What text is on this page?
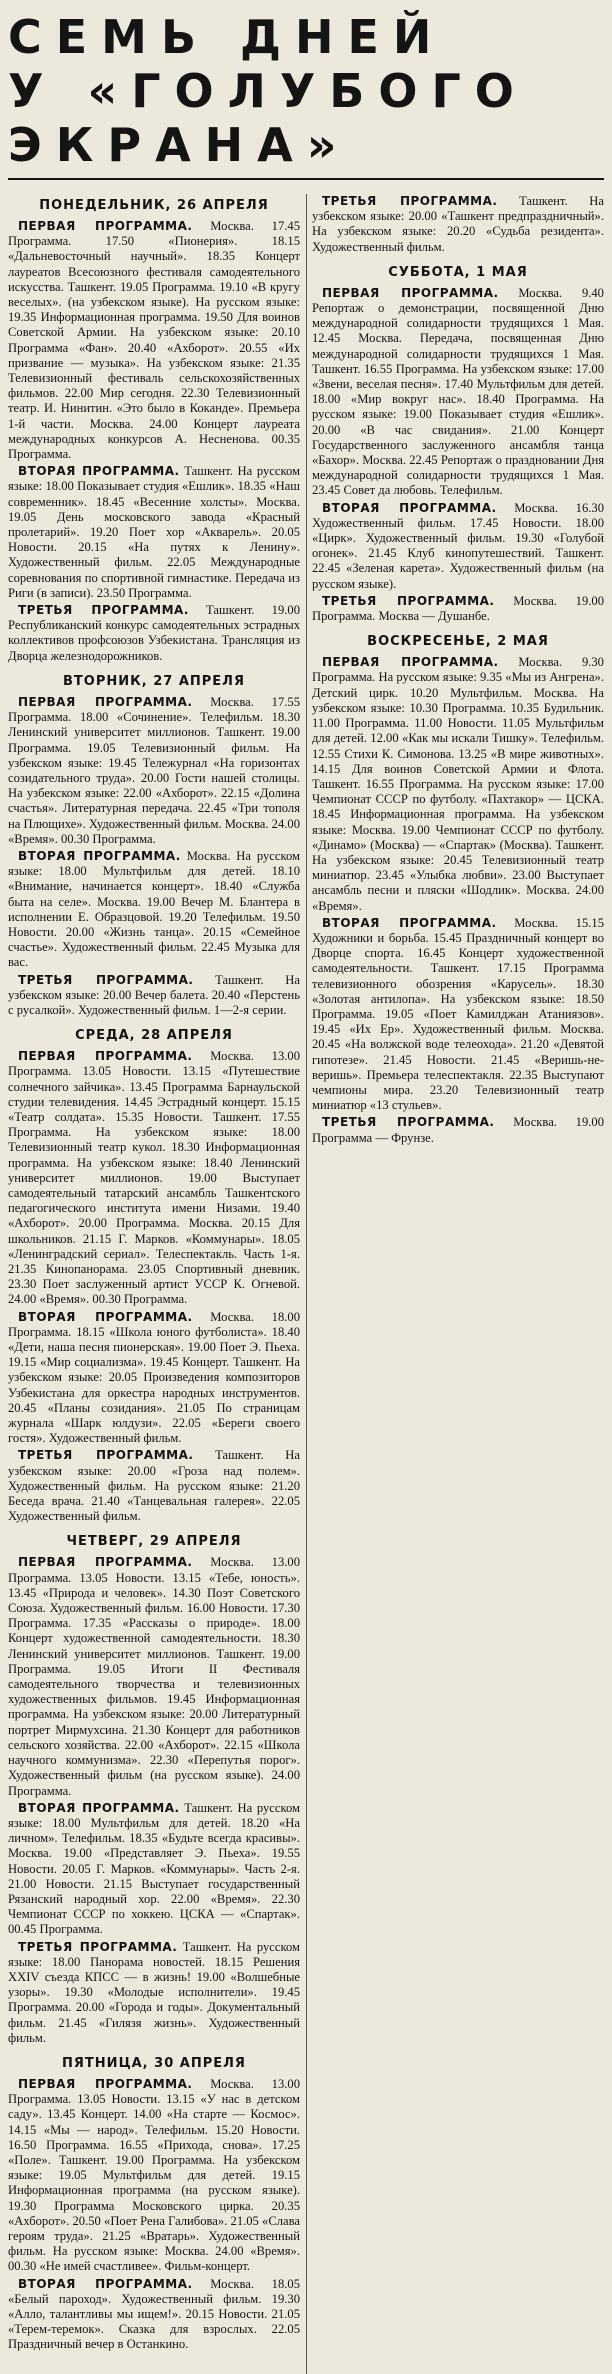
СЕМЬ ДНЕЙ
У «ГОЛУБОГО
ЭКРАНА»
ПОНЕДЕЛЬНИК, 26 АПРЕЛЯ

ПЕРВАЯ ПРОГРАММА. Москва. 17.45 Программа. 17.50 «Пионерия». 18.15 «Дальневосточный научный». 18.35 Концерт лауреатов Всесоюзного фестиваля самодеятельного искусства. Ташкент. 19.05 Программа. 19.10 «В кругу веселых». (на узбекском языке). На русском языке: 19.35 Информационная программа. 19.50 Для воинов Советской Армии. На узбекском языке: 20.10 Программа «Фан». 20.40 «Ахборот». 20.55 «Их призвание — музыка». На узбекском языке: 21.35 Телевизионный фестиваль сельскохозяйственных фильмов. 22.00 Мир сегодня. 22.30 Телевизионный театр. И. Нинитин. «Это было в Коканде». Премьера 1-й части. Москва. 24.00 Концерт лауреата международных конкурсов А. Несненова. 00.35 Программа.

ВТОРАЯ ПРОГРАММА. Ташкент. На русском языке: 18.00 Показывает студия «Ешлик». 18.35 «Наш современник». 18.45 «Весенние холсты». Москва. 19.05 День московского завода «Красный пролетарий». 19.20 Поет хор «Акварель». 20.05 Новости. 20.15 «На путях к Ленину». Художественный фильм. 22.05 Международные соревнования по спортивной гимнастике. Передача из Риги (в записи). 23.50 Программа.

ТРЕТЬЯ ПРОГРАММА. Ташкент. 19.00 Республиканский конкурс самодеятельных эстрадных коллективов профсоюзов Узбекистана. Трансляция из Дворца железнодорожников.

ВТОРНИК, 27 АПРЕЛЯ

ПЕРВАЯ ПРОГРАММА. Москва. 17.55 Программа. 18.00 «Сочинение». Телефильм. 18.30 Ленинский университет миллионов. Ташкент. 19.00 Программа. 19.05 Телевизионный фильм. На узбекском языке: 19.45 Тележурнал «На горизонтах созидательного труда». 20.00 Гости нашей столицы. На узбекском языке: 22.00 «Ахборот». 22.15 «Долина счастья». Литературная передача. 22.45 «Три тополя на Плющихе». Художественный фильм. Москва. 24.00 «Время». 00.30 Программа.

ВТОРАЯ ПРОГРАММА. Москва. На русском языке: 18.00 Мультфильм для детей. 18.10 «Внимание, начинается концерт». 18.40 «Служба быта на селе». Москва. 19.00 Вечер М. Блантера в исполнении Е. Образцовой. 19.20 Телефильм. 19.50 Новости. 20.00 «Жизнь танца». 20.15 «Семейное счастье». Художественный фильм. 22.45 Музыка для вас.

ТРЕТЬЯ ПРОГРАММА. Ташкент. На узбекском языке: 20.00 Вечер балета. 20.40 «Перстень с русалкой». Художественный фильм. 1—2-я серии.

СРЕДА, 28 АПРЕЛЯ

ПЕРВАЯ ПРОГРАММА. Москва. 13.00 Программа. 13.05 Новости. 13.15 «Путешествие солнечного зайчика». 13.45 Программа Барнаульской студии телевидения. 14.45 Эстрадный концерт. 15.15 «Театр солдата». 15.35 Новости. Ташкент. 17.55 Программа. На узбекском языке: 18.00 Телевизионный театр кукол. 18.30 Информационная программа. На узбекском языке: 18.40 Ленинский университет миллионов. 19.00 Выступает самодеятельный татарский ансамбль Ташкентского педагогического института имени Низами. 19.40 «Ахборот». 20.00 Программа. Москва. 20.15 Для школьников. 21.15 Г. Марков. «Коммунары». 18.05 «Ленинградский сериал». Телеспектакль. Часть 1-я. 21.35 Кинопанорама. 23.05 Спортивный дневник. 23.30 Поет заслуженный артист УССР К. Огневой. 24.00 «Время». 00.30 Программа.

ВТОРАЯ ПРОГРАММА. Москва. 18.00 Программа. 18.15 «Школа юного футболиста». 18.40 «Дети, наша песня пионерская». 19.00 Поет Э. Пьеха. 19.15 «Мир социализма». 19.45 Концерт. Ташкент. На узбекском языке: 20.05 Произведения композиторов Узбекистана для оркестра народных инструментов. 20.45 «Планы созидания». 21.05 По страницам журнала «Шарк юлдузи». 22.05 «Береги своего гостя». Художественный фильм.

ТРЕТЬЯ ПРОГРАММА. Ташкент. На узбекском языке: 20.00 «Гроза над полем». Художественный фильм. На русском языке: 21.20 Беседа врача. 21.40 «Танцевальная галерея». 22.05 Художественный фильм.

ЧЕТВЕРГ, 29 АПРЕЛЯ

ПЕРВАЯ ПРОГРАММА. Москва. 13.00 Программа. 13.05 Новости. 13.15 «Тебе, юность». 13.45 «Природа и человек». 14.30 Поэт Советского Союза. Художественный фильм. 16.00 Новости. 17.30 Программа. 17.35 «Рассказы о природе». 18.00 Концерт художественной самодеятельности. 18.30 Ленинский университет миллионов. Ташкент. 19.00 Программа. 19.05 Итоги II Фестиваля самодеятельного творчества и телевизионных художественных фильмов. 19.45 Информационная программа. На узбекском языке: 20.00 Литературный портрет Мирмухсина. 21.30 Концерт для работников сельского хозяйства. 22.00 «Ахборот». 22.15 «Школа научного коммунизма». 22.30 «Перепутья порог». Художественный фильм (на русском языке). 24.00 Программа.

ВТОРАЯ ПРОГРАММА. Ташкент. На русском языке: 18.00 Мультфильм для детей. 18.20 «На личном». Телефильм. 18.35 «Будьте всегда красивы». Москва. 19.00 «Представляет Э. Пьеха». 19.55 Новости. 20.05 Г. Марков. «Коммунары». Часть 2-я. 21.00 Новости. 21.15 Выступает государственный Рязанский народный хор. 22.00 «Время». 22.30 Чемпионат СССР по хоккею. ЦСКА — «Спартак». 00.45 Программа.

ТРЕТЬЯ ПРОГРАММА. Ташкент. На русском языке: 18.00 Панорама новостей. 18.15 Решения XXIV съезда КПСС — в жизнь! 19.00 «Волшебные узоры». 19.30 «Молодые исполнители». 19.45 Программа. 20.00 «Города и годы». Документальный фильм. 21.45 «Гилязя жизнь». Художественный фильм.

ПЯТНИЦА, 30 АПРЕЛЯ

ПЕРВАЯ ПРОГРАММА. Москва. 13.00 Программа. 13.05 Новости. 13.15 «У нас в детском саду». 13.45 Концерт. 14.00 «На старте — Космос». 14.15 «Мы — народ». Телефильм. 15.20 Новости. 16.50 Программа. 16.55 «Прихода, снова». 17.25 «Поле». Ташкент. 19.00 Программа. На узбекском языке: 19.05 Мультфильм для детей. 19.15 Информационная программа (на русском языке). 19.30 Программа Московского цирка. 20.35 «Ахборот». 20.50 «Поет Рена Галибова». 21.05 «Слава героям труда». 21.25 «Вратарь». Художественный фильм. На русском языке: Москва. 24.00 «Время». 00.30 «Не имей счастливее». Фильм-концерт.

ВТОРАЯ ПРОГРАММА. Москва. 18.05 «Белый пароход». Художественный фильм. 19.30 «Алло, талантливы мы ищем!». 20.15 Новости. 21.05 «Терем-теремок». Сказка для взрослых. 22.05 Праздничный вечер в Останкино.

ТРЕТЬЯ ПРОГРАММА. Ташкент. На узбекском языке: 20.00 «Ташкент предпраздничный». На узбекском языке: 20.20 «Судьба резидента». Художественный фильм.

СУББОТА, 1 МАЯ

ПЕРВАЯ ПРОГРАММА. Москва. 9.40 Репортаж о демонстрации, посвященной Дню международной солидарности трудящихся 1 Мая. 12.45 Москва. Передача, посвященная Дню международной солидарности трудящихся 1 Мая. Ташкент. 16.55 Программа. На узбекском языке: 17.00 «Звени, веселая песня». 17.40 Мультфильм для детей. 18.00 «Мир вокруг нас». 18.40 Программа. На русском языке: 19.00 Показывает студия «Ешлик». 20.00 «В час свидания». 21.00 Концерт Государственного заслуженного ансамбля танца «Бахор». Москва. 22.45 Репортаж о праздновании Дня международной солидарности трудящихся 1 Мая. 23.45 Совет да любовь. Телефильм.

ВТОРАЯ ПРОГРАММА. Москва. 16.30 Художественный фильм. 17.45 Новости. 18.00 «Цирк». Художественный фильм. 19.30 «Голубой огонек». 21.45 Клуб кинопутешествий. Ташкент. 22.45 «Зеленая карета». Художественный фильм (на русском языке).

ТРЕТЬЯ ПРОГРАММА. Москва. 19.00 Программа. Москва — Душанбе.

ВОСКРЕСЕНЬЕ, 2 МАЯ

ПЕРВАЯ ПРОГРАММА. Москва. 9.30 Программа. На русском языке: 9.35 «Мы из Ангрена». Детский цирк. 10.20 Мультфильм. Москва. На узбекском языке: 10.30 Программа. 10.35 Будильник. 11.00 Программа. 11.00 Новости. 11.05 Мультфильм для детей. 12.00 «Как мы искали Тишку». Телефильм. 12.55 Стихи К. Симонова. 13.25 «В мире животных». 14.15 Для воинов Советской Армии и Флота. Ташкент. 16.55 Программа. На русском языке: 17.00 Чемпионат СССР по футболу. «Пахтакор» — ЦСКА. 18.45 Информационная программа. На узбекском языке: Москва. 19.00 Чемпионат СССР по футболу. «Динамо» (Москва) — «Спартак» (Москва). Ташкент. На узбекском языке: 20.45 Телевизионный театр миниатюр. 23.45 «Улыбка любви». 23.00 Выступает ансамбль песни и пляски «Шодлик». Москва. 24.00 «Время».

ВТОРАЯ ПРОГРАММА. Москва. 15.15 Художники и борьба. 15.45 Праздничный концерт во Дворце спорта. 16.45 Концерт художественной самодеятельности. Ташкент. 17.15 Программа телевизионного обозрения «Карусель». 18.30 «Золотая антилопа». На узбекском языке: 18.50 Программа. 19.05 «Поет Камилджан Атаниязов». 19.45 «Их Ер». Художественный фильм. Москва. 20.45 «На волжской воде телеохода». 21.20 «Девятой гипотезе». 21.45 Новости. 21.45 «Веришь-не-веришь». Премьера телеспектакля. 22.35 Выступают чемпионы мира. 23.20 Телевизионный театр миниатюр «13 стульев».

ТРЕТЬЯ ПРОГРАММА. Москва. 19.00 Программа — Фрунзе.
